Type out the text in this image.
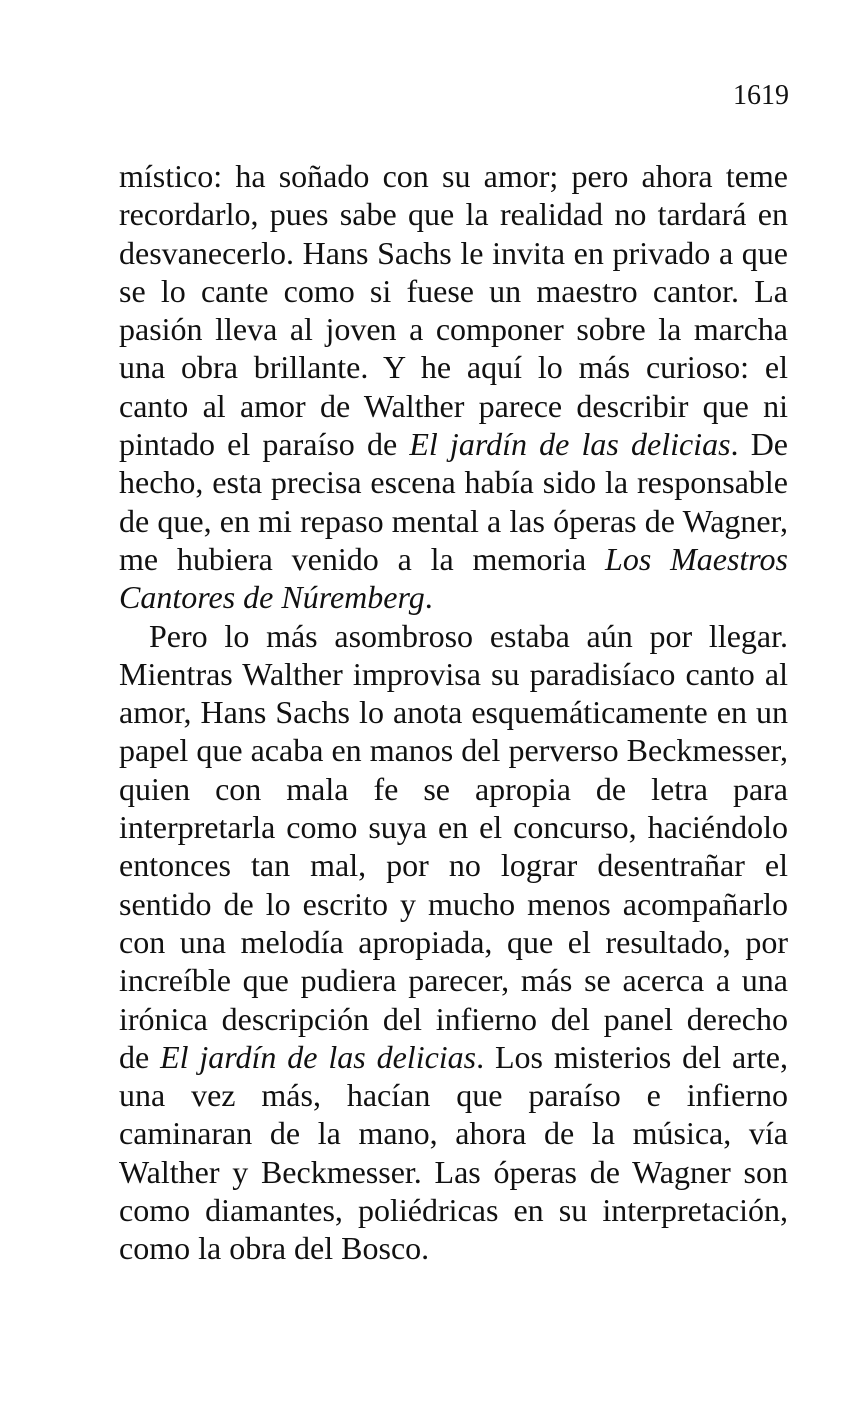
1619

místico: ha soñado con su amor; pero ahora teme recordarlo, pues sabe que la realidad no tardará en desvanecerlo. Hans Sachs le invita en privado a que se lo cante como si fuese un maestro cantor. La pasión lleva al joven a componer sobre la marcha una obra brillante. Y he aquí lo más curioso: el canto al amor de Walther parece describir que ni pintado el paraíso de El jardín de las delicias. De hecho, esta precisa escena había sido la responsable de que, en mi repaso mental a las óperas de Wagner, me hubiera venido a la memoria Los Maestros Cantores de Núremberg.

Pero lo más asombroso estaba aún por llegar. Mientras Walther improvisa su paradisíaco canto al amor, Hans Sachs lo anota esquemáticamente en un papel que acaba en manos del perverso Beckmesser, quien con mala fe se apropia de letra para interpretarla como suya en el concurso, haciéndolo entonces tan mal, por no lograr desentrañar el sentido de lo escrito y mucho menos acompañarlo con una melodía apropiada, que el resultado, por increíble que pudiera parecer, más se acerca a una irónica descripción del infierno del panel derecho de El jardín de las delicias. Los misterios del arte, una vez más, hacían que paraíso e infierno caminaran de la mano, ahora de la música, vía Walther y Beckmesser. Las óperas de Wagner son como diamantes, poliédricas en su interpretación, como la obra del Bosco.
